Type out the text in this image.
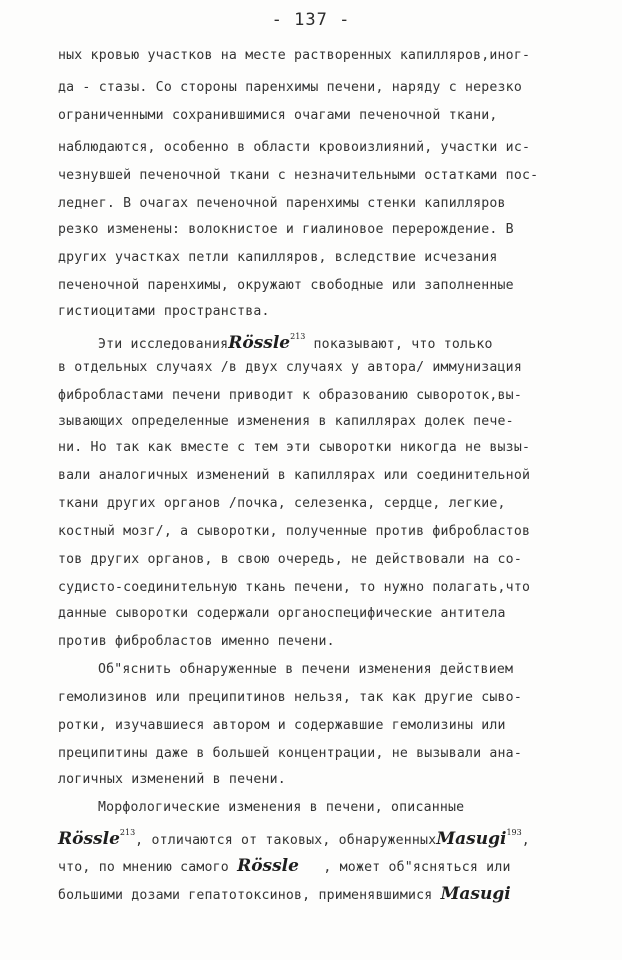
- 137 -
ных кровью участков на месте растворенных капилляров,иног-
да - стазы. Со стороны паренхимы печени, наряду с нерезко
ограниченными сохранившимися очагами печеночной ткани,
наблюдаются, особенно в области кровоизлияний, участки ис-
чезнувшей печеночной ткани с незначительными остатками пос-
леднег. В очагах печеночной паренхимы стенки капилляров
резко изменены: волокнистое и гиалиновое перерождение. В
других участках петли капилляров, вследствие исчезания
печеночной паренхимы, окружают свободные или заполненные
гистиоцитами пространства.
Эти исследованияRössle$^{213}$ показывают, что только
в отдельных случаях /в двух случаях у автора/ иммунизация
фибробластами печени приводит к образованию сывороток,вы-
зывающих определенные изменения в капиллярах долек пече-
ни. Но так как вместе с тем эти сыворотки никогда не вызы-
вали аналогичных изменений в капиллярах или соединительной
ткани других органов /почка, селезенка, сердце, легкие,
костный мозг/, а сыворотки, полученные против фибробластов
тов других органов, в свою очередь, не действовали на со-
судисто-соединительную ткань печени, то нужно полагать,что
данные сыворотки содержали органоспецифические антитела
против фибробластов именно печени.
Об"яснить обнаруженные в печени изменения действием
гемолизинов или преципитинов нельзя, так как другие сыво-
ротки, изучавшиеся автором и содержавшие гемолизины или
преципитины даже в большей концентрации, не вызывали ана-
логичных изменений в печени.
Морфологические изменения в печени, описанные
Rössle$^{213}$, отличаются от таковых, обнаруженныхMasugi$^{193}$,
что, по мнению самого Rössle   , может об"ясняться или
большими дозами гепатотоксинов, применявшимися Masugi
